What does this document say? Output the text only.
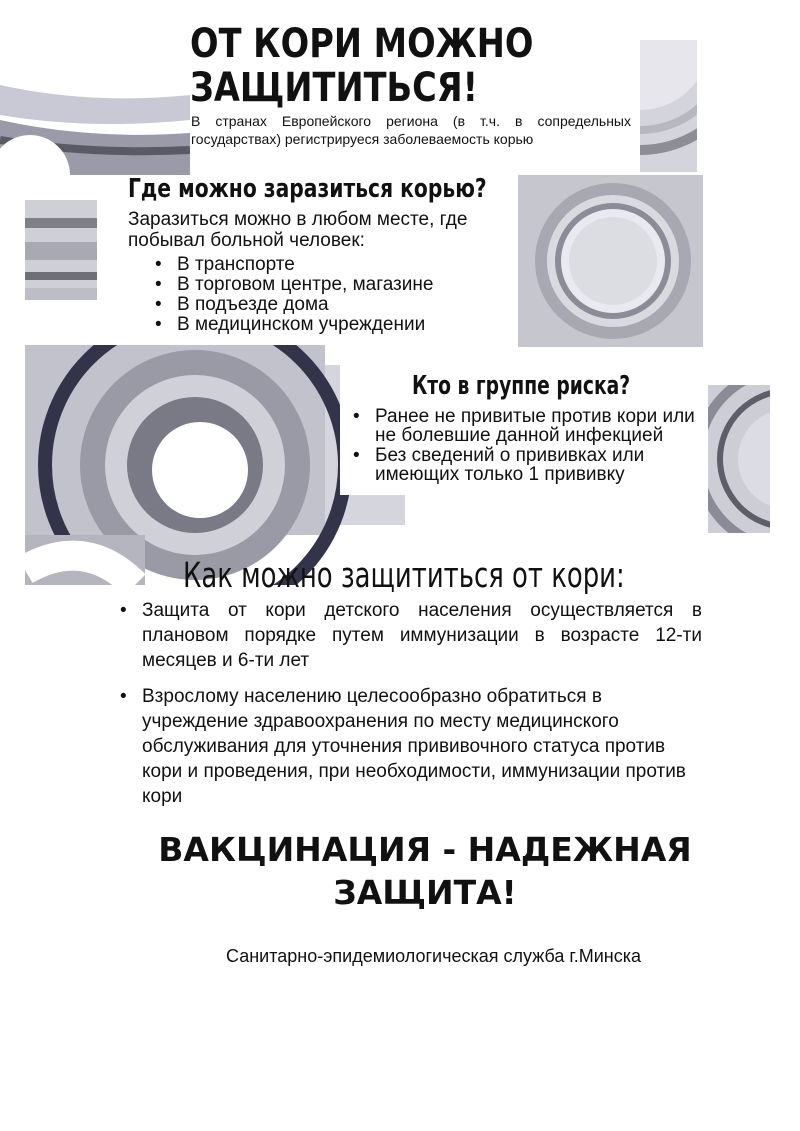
ОТ КОРИ МОЖНО
ЗАЩИТИТЬСЯ!
В странах Европейского региона (в т.ч. в сопредельных государствах) регистрируеся заболеваемость корью
Где можно заразиться корью?
Заразиться можно в любом месте, где побывал больной человек:
• В транспорте
• В торговом центре, магазине
• В подъезде дома
• В медицинском учреждении
Кто в группе риска?
• Ранее не привитые против кори или не болевшие данной инфекцией
• Без сведений о прививках или имеющих только 1 прививку
Как можно защититься от кори:
• Защита от кори детского населения осуществляется в плановом порядке путем иммунизации в возрасте 12-ти месяцев и 6-ти лет
• Взрослому населению целесообразно обратиться в учреждение здравоохранения по месту медицинского обслуживания для уточнения прививочного статуса против кори и проведения, при необходимости, иммунизации против кори
ВАКЦИНАЦИЯ - НАДЕЖНАЯ
ЗАЩИТА!
Санитарно-эпидемиологическая служба г.Минска
